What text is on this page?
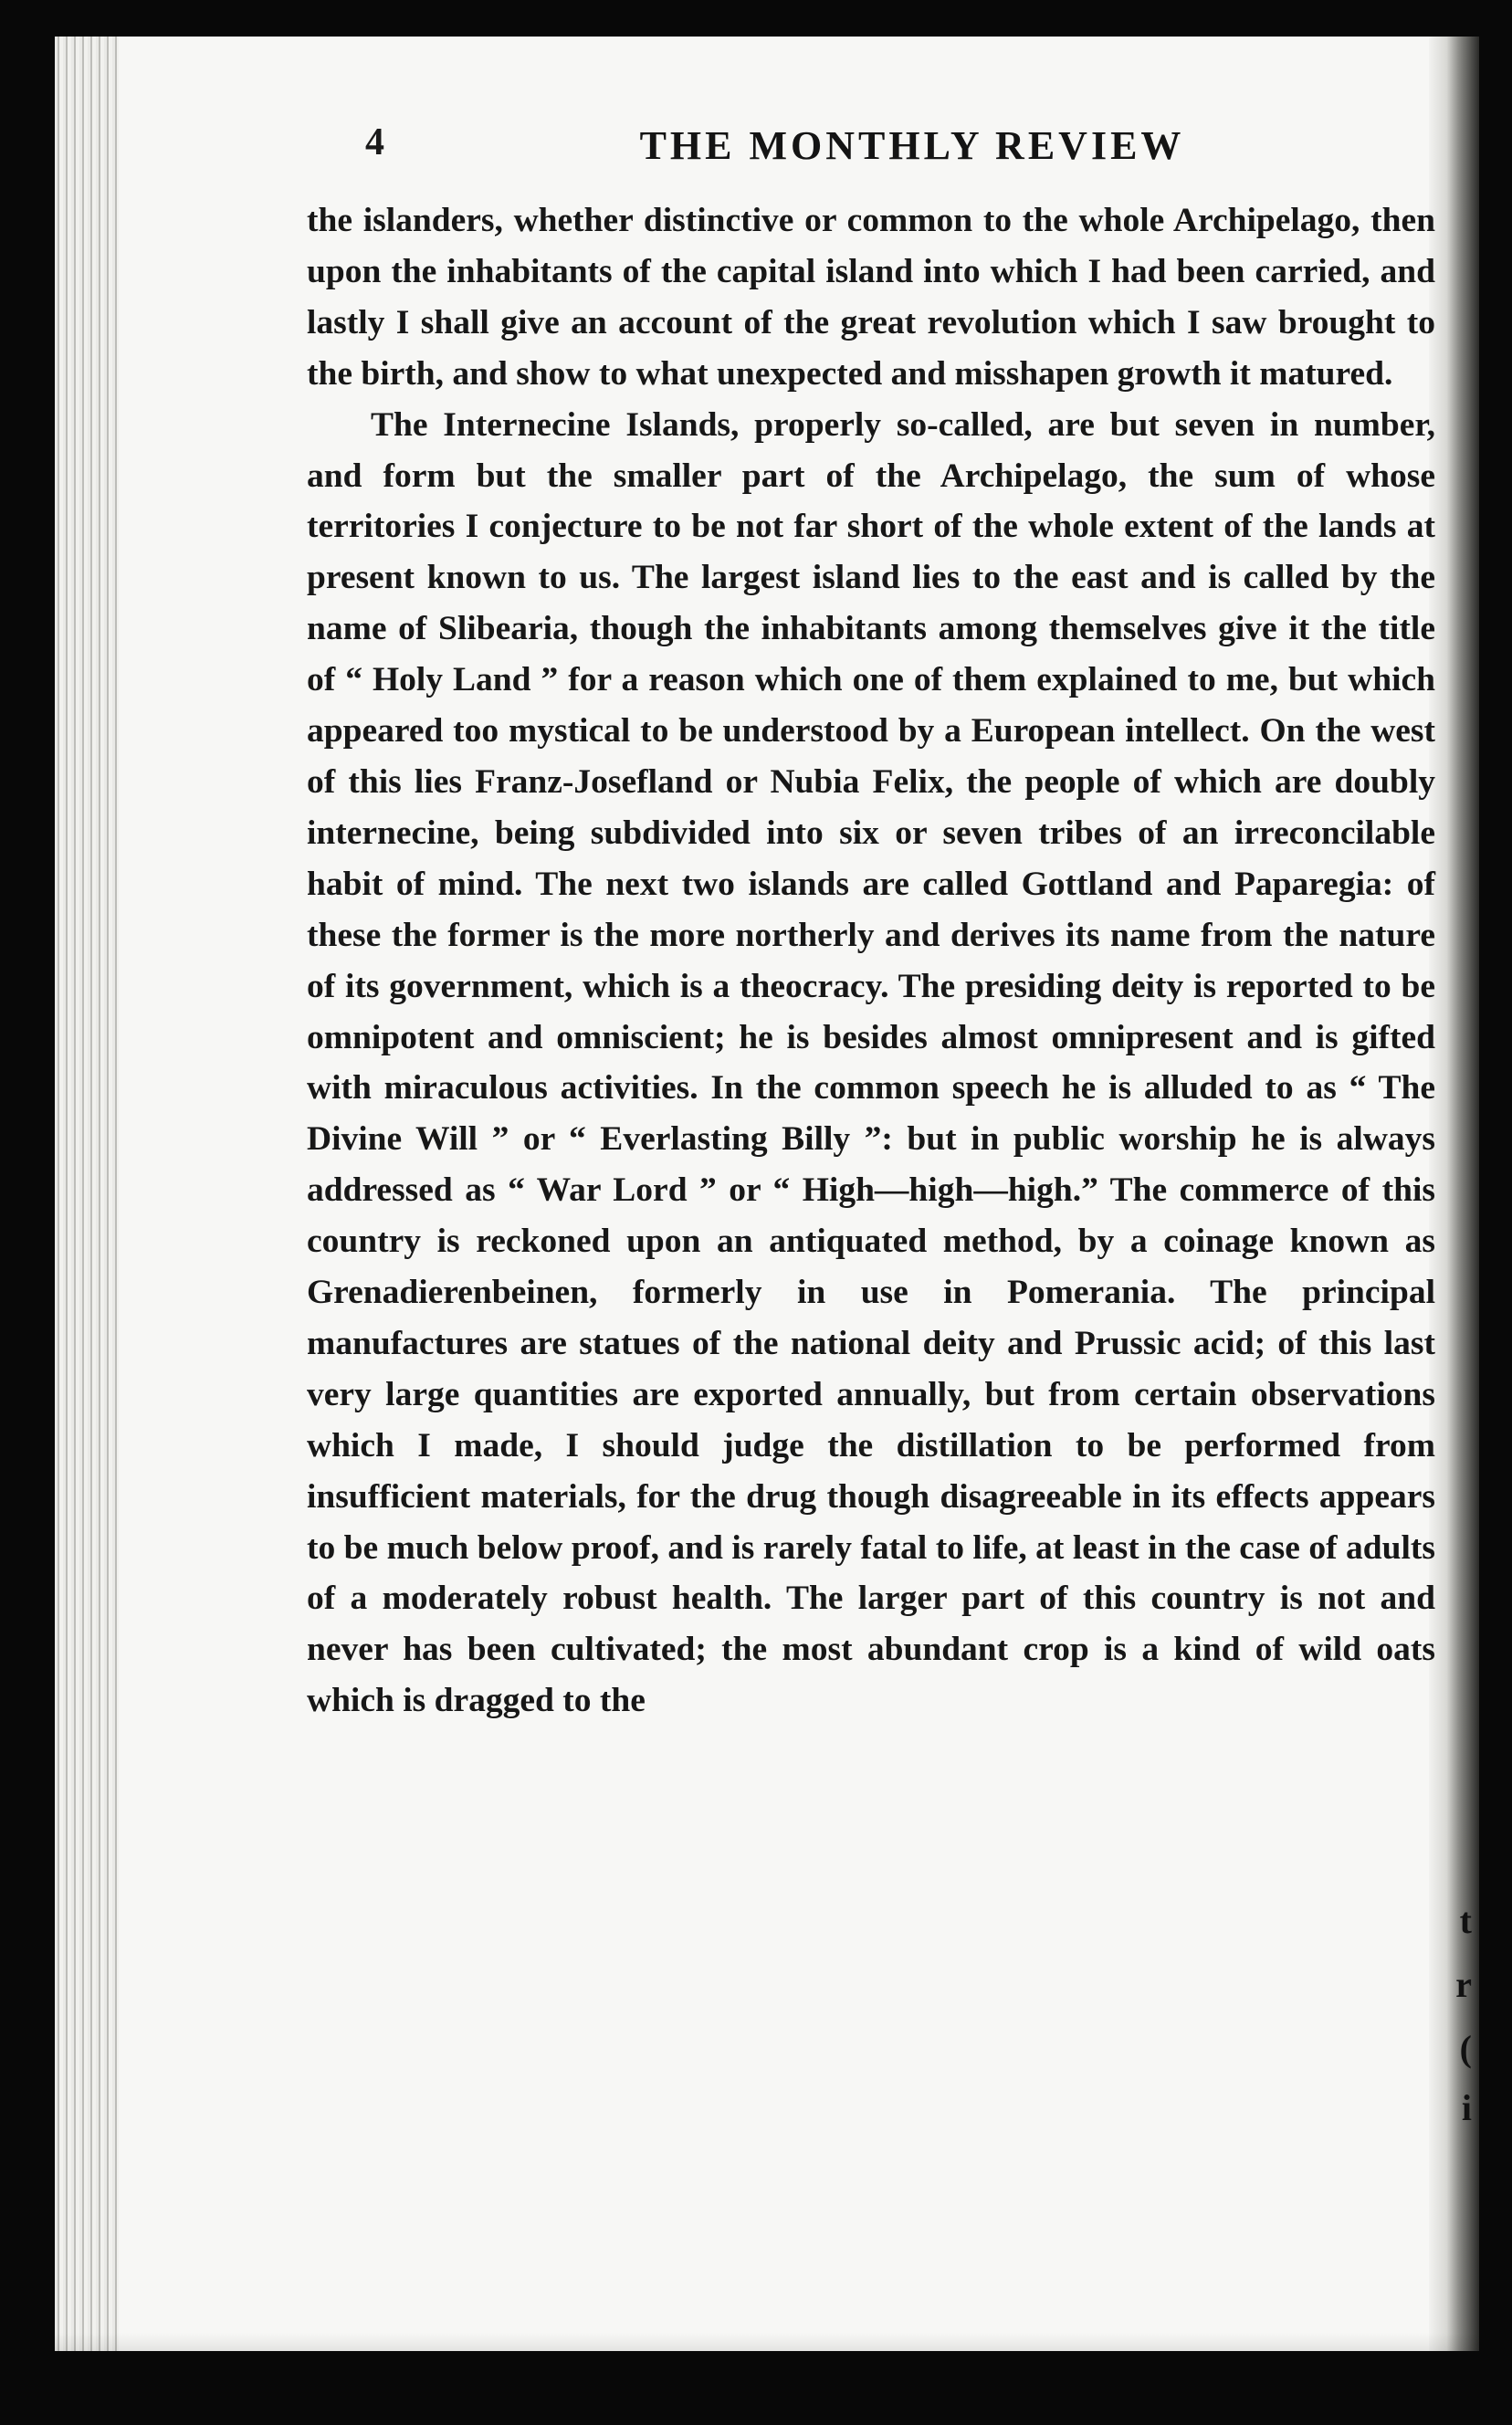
t
r
(
i
4	THE MONTHLY REVIEW

the islanders, whether distinctive or common to the whole Archipelago, then upon the inhabitants of the capital island into which I had been carried, and lastly I shall give an account of the great revolution which I saw brought to the birth, and show to what unexpected and misshapen growth it matured.

The Internecine Islands, properly so-called, are but seven in number, and form but the smaller part of the Archipelago, the sum of whose territories I conjecture to be not far short of the whole extent of the lands at present known to us. The largest island lies to the east and is called by the name of Slibearia, though the inhabitants among themselves give it the title of “ Holy Land ” for a reason which one of them explained to me, but which appeared too mystical to be understood by a European intellect. On the west of this lies Franz-Josefland or Nubia Felix, the people of which are doubly internecine, being subdivided into six or seven tribes of an irreconcilable habit of mind. The next two islands are called Gottland and Paparegia: of these the former is the more northerly and derives its name from the nature of its government, which is a theocracy. The presiding deity is reported to be omnipotent and omniscient; he is besides almost omnipresent and is gifted with miraculous activities. In the common speech he is alluded to as “ The Divine Will ” or “ Everlasting Billy ”: but in public worship he is always addressed as “ War Lord ” or “ High—high—high.” The commerce of this country is reckoned upon an antiquated method, by a coinage known as Grenadierenbeinen, formerly in use in Pomerania. The principal manufactures are statues of the national deity and Prussic acid; of this last very large quantities are exported annually, but from certain observations which I made, I should judge the distillation to be performed from insufficient materials, for the drug though disagreeable in its effects appears to be much below proof, and is rarely fatal to life, at least in the case of adults of a moderately robust health. The larger part of this country is not and never has been cultivated; the most abundant crop is a kind of wild oats which is dragged to the
